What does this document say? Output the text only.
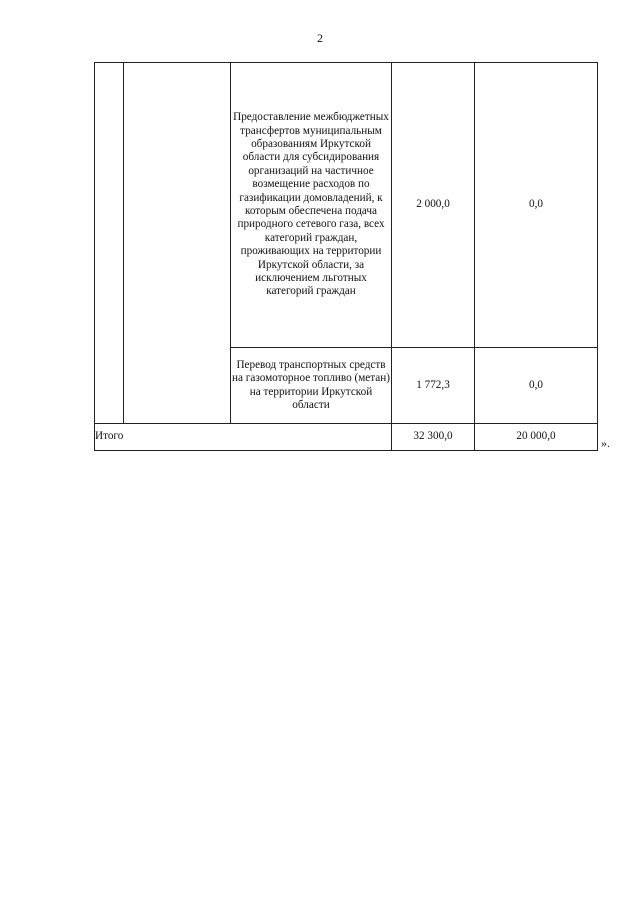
2
		Предоставление межбюджетных трансфертов муниципальным образованиям Иркутской области для субсидирования организаций на частичное возмещение расходов по газификации домовладений, к которым обеспечена подача природного сетевого газа, всех категорий граждан, проживающих на территории Иркутской области, за исключением льготных категорий граждан	2 000,0	0,0
		Перевод транспортных средств на газомоторное топливо (метан) на территории Иркутской области	1 772,3	0,0
Итого			32 300,0	20 000,0	».
